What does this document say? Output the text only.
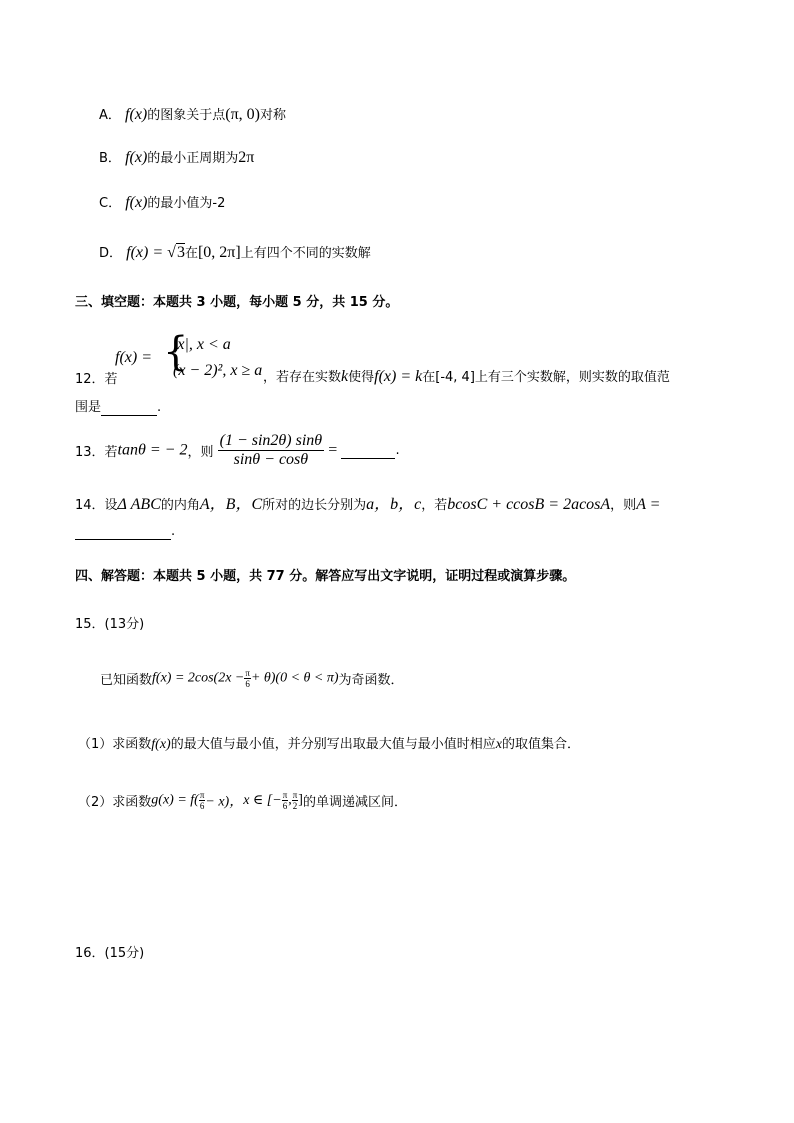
A． f(x)的图象关于点(π, 0)对称
B． f(x)的最小正周期为2π
C． f(x)的最小值为-2
D． f(x) = √3在[0, 2π]上有四个不同的实数解
三、填空题：本题共 3 小题，每小题 5 分，共 15 分。
12．若
f(x) = {
|x|, x < a
(x − 2)², x ≥ a ，若存在实数k使得f(x) = k在[-4, 4]上有三个实数解，则实数的取值范
围是	.
13．若tanθ = − 2，则 $\frac{(1 - \sin 2\theta) \sin\theta}{\sin\theta - \cos\theta}$ =	.
14．设Δ ABC的内角A，B，C所对的边长分别为a，b，c，若bcosC + ccosB = 2acosA，则A =
.
四、解答题：本题共 5 小题，共 77 分。解答应写出文字说明，证明过程或演算步骤。
15．(13分)
已知函数$f(x) = 2\cos(2x - \frac{\pi}{6} + \theta)(0 < \theta < \pi)$为奇函数．
（1）求函数f(x)的最大值与最小值，并分别写出取最大值与最小值时相应x的取值集合．
（2）求函数$g(x) = f( \frac{\pi}{6} - x)$，x ∈ [− $\frac{\pi}{6}$ , $\frac{\pi}{2}$ ]的单调递减区间．
16．(15分)
